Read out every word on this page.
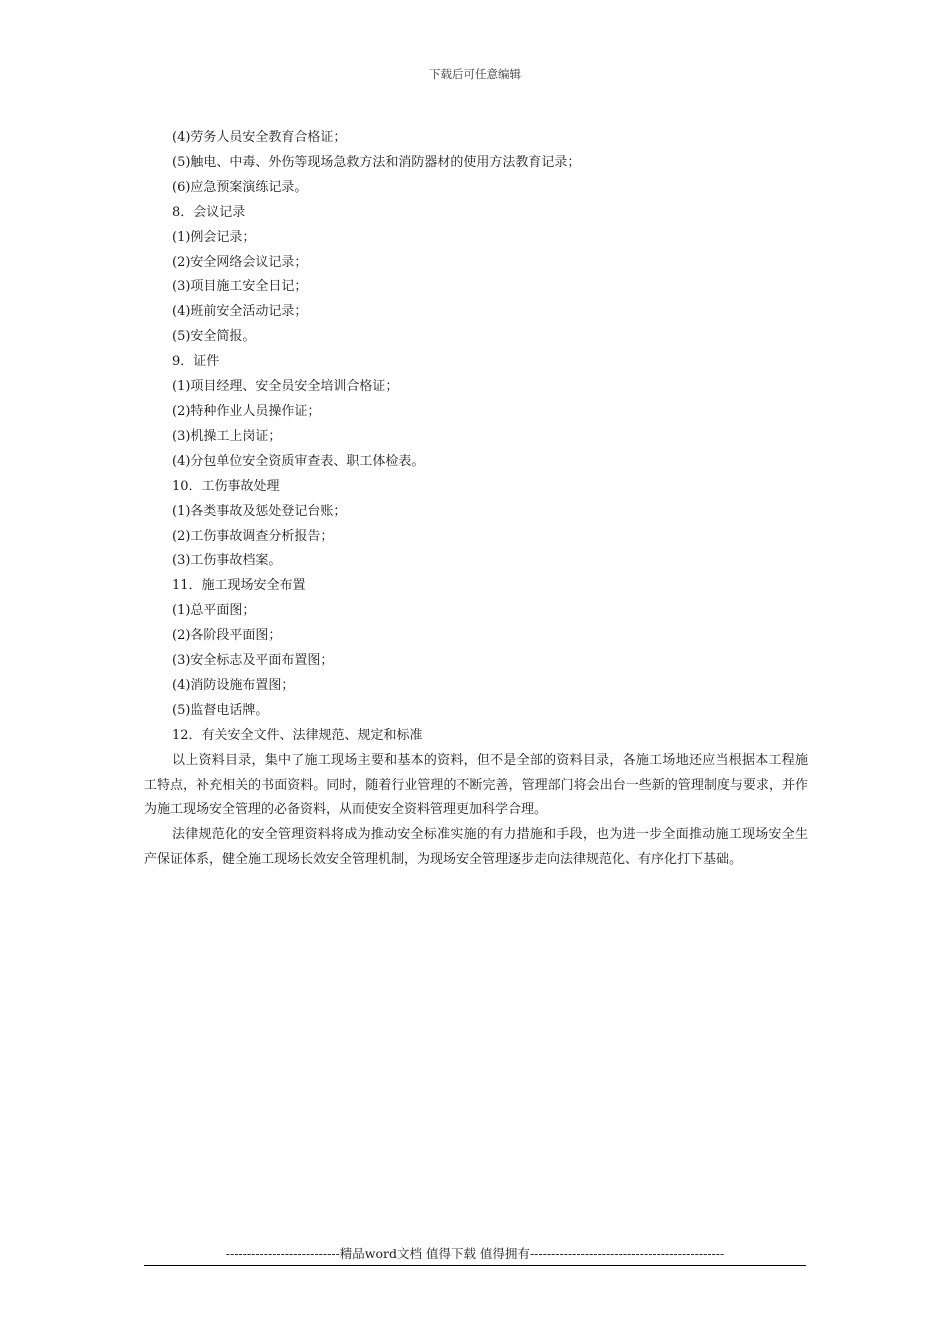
下载后可任意编辑
(4)劳务人员安全教育合格证；
(5)触电、中毒、外伤等现场急救方法和消防器材的使用方法教育记录；
(6)应急预案演练记录。
8．会议记录
(1)例会记录；
(2)安全网络会议记录；
(3)项目施工安全日记；
(4)班前安全活动记录；
(5)安全简报。
9．证件
(1)项目经理、安全员安全培训合格证；
(2)特种作业人员操作证；
(3)机操工上岗证；
(4)分包单位安全资质审查表、职工体检表。
10．工伤事故处理
(1)各类事故及惩处登记台账；
(2)工伤事故调查分析报告；
(3)工伤事故档案。
11．施工现场安全布置
(1)总平面图；
(2)各阶段平面图；
(3)安全标志及平面布置图；
(4)消防设施布置图；
(5)监督电话牌。
12．有关安全文件、法律规范、规定和标准
以上资料目录，集中了施工现场主要和基本的资料，但不是全部的资料目录，各施工场地还应当根据本工程施工特点，补充相关的书面资料。同时，随着行业管理的不断完善，管理部门将会出台一些新的管理制度与要求，并作为施工现场安全管理的必备资料，从而使安全资料管理更加科学合理。
法律规范化的安全管理资料将成为推动安全标准实施的有力措施和手段，也为进一步全面推动施工现场安全生产保证体系，健全施工现场长效安全管理机制，为现场安全管理逐步走向法律规范化、有序化打下基础。
---------------------------精品word文档 值得下载 值得拥有----------------------------------------------
